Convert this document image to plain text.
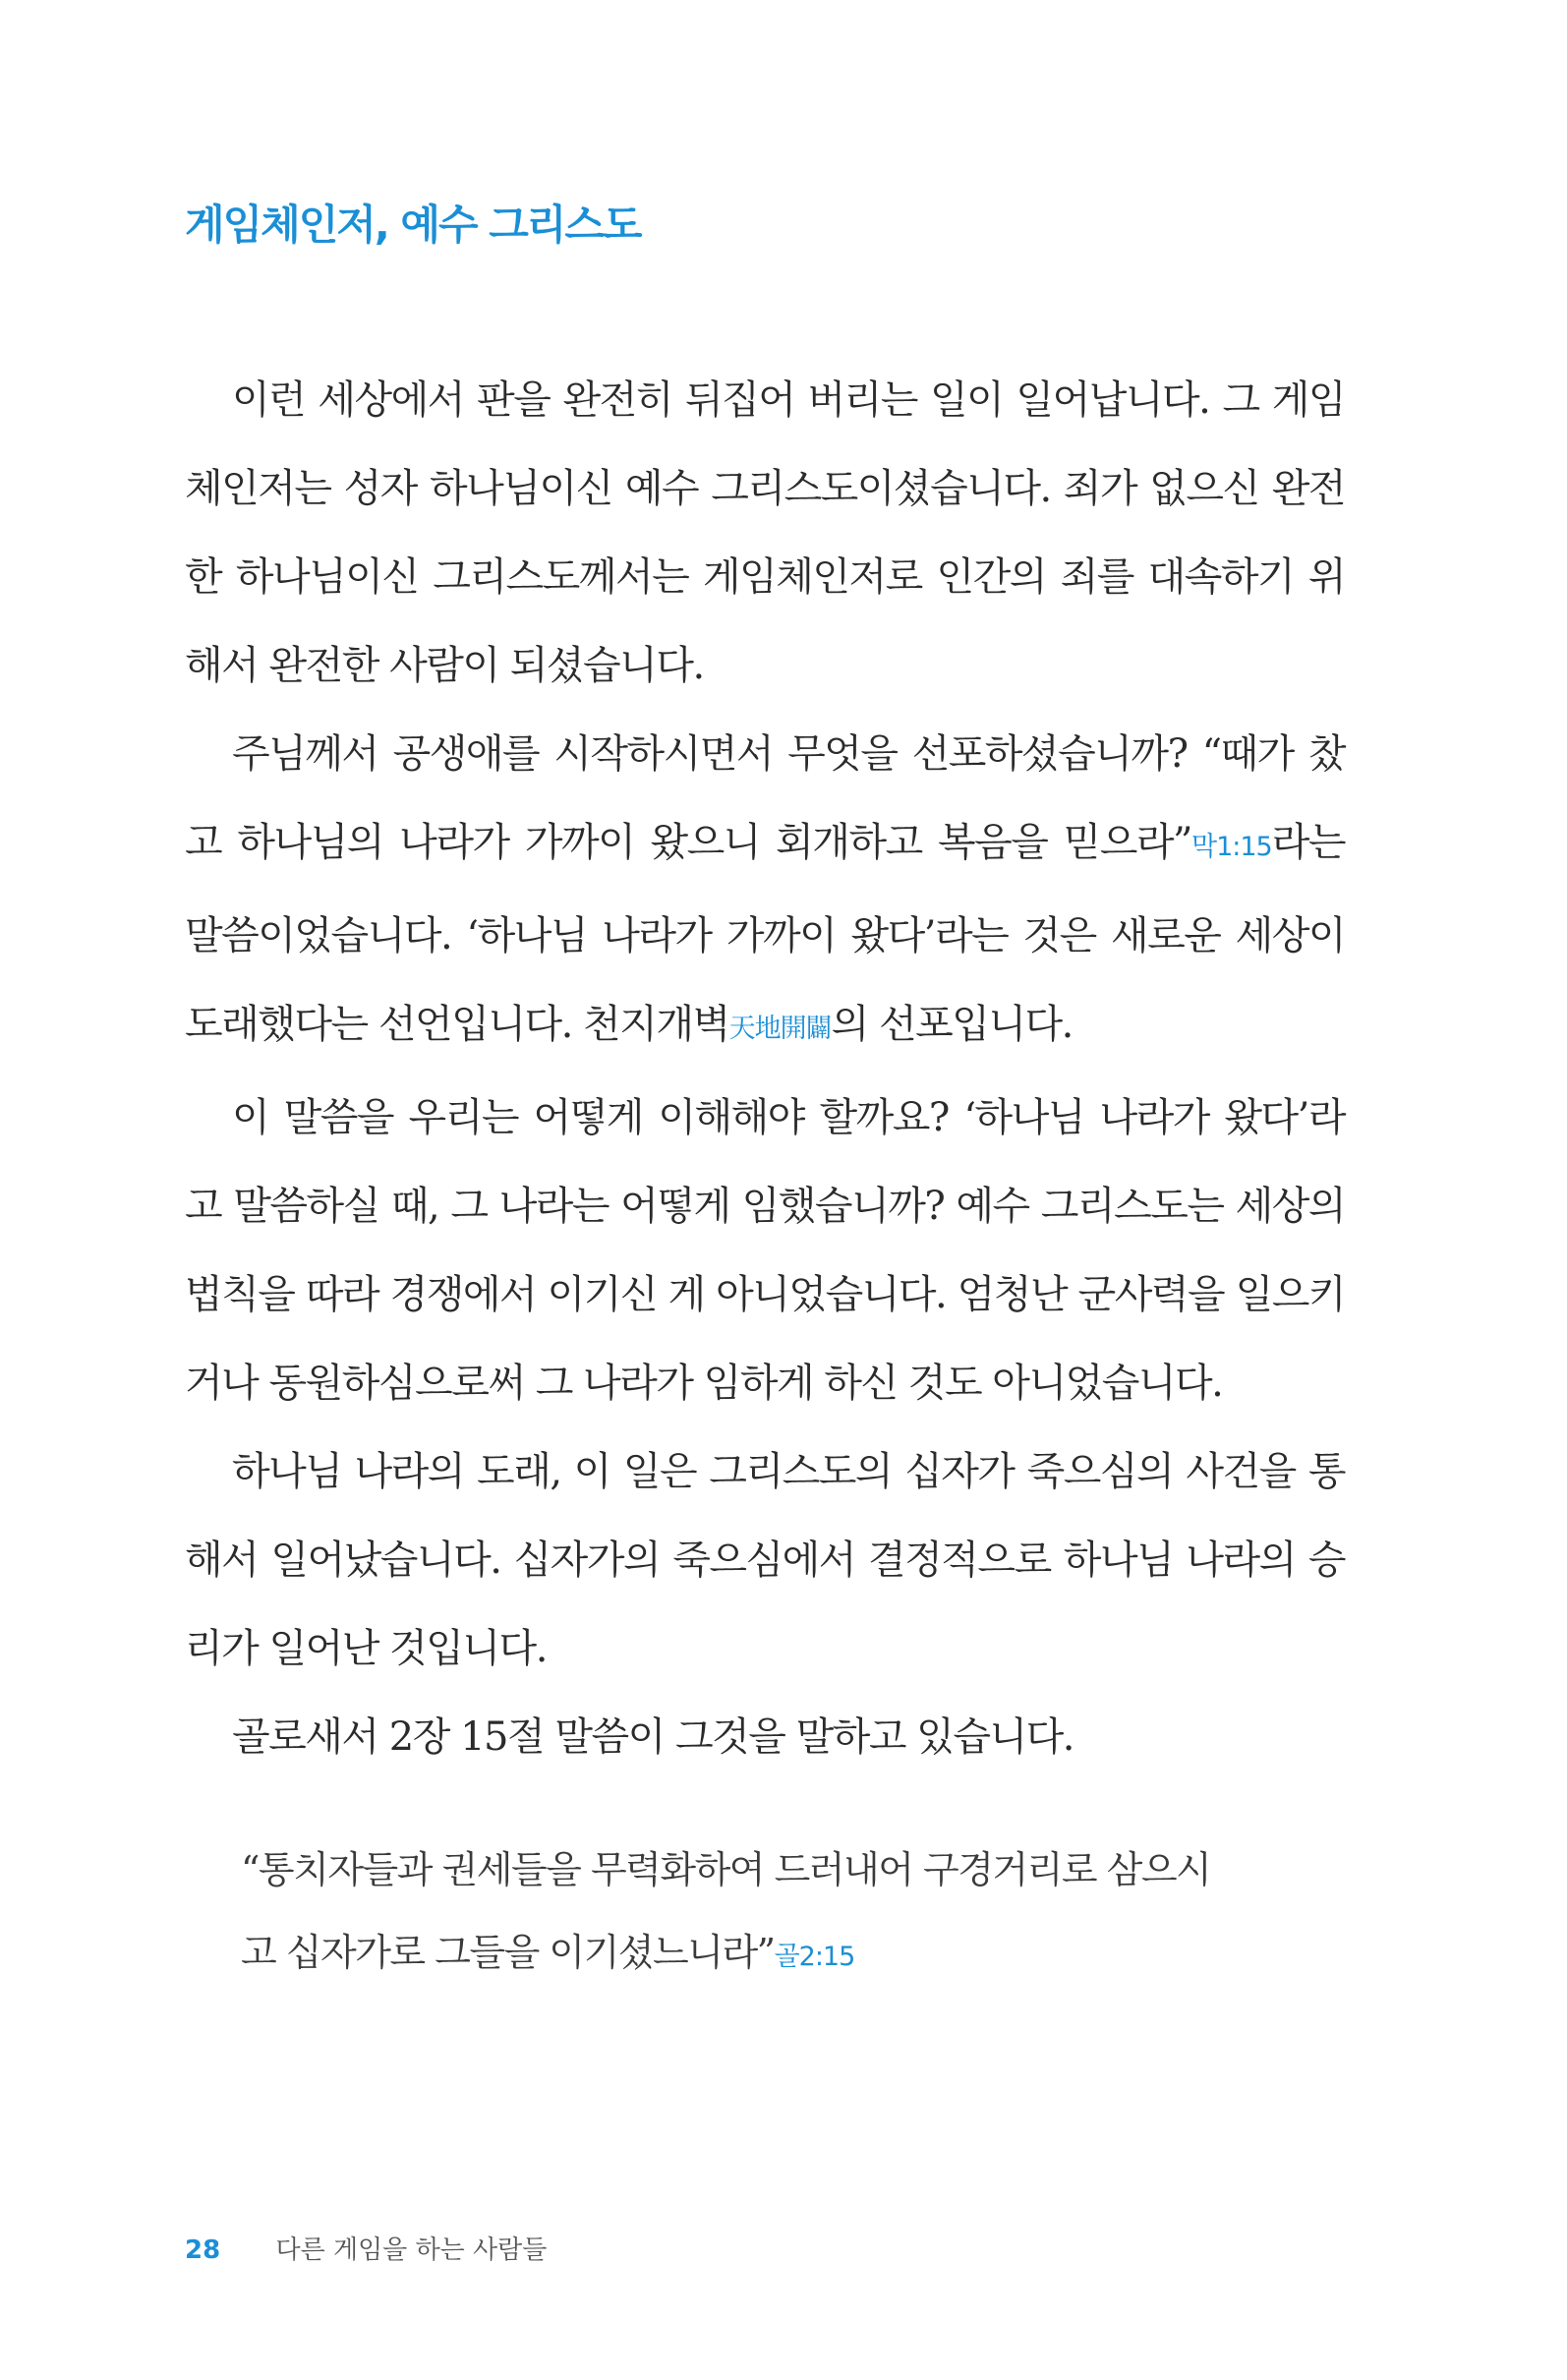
게임체인저, 예수 그리스도

이런 세상에서 판을 완전히 뒤집어 버리는 일이 일어납니다. 그 게임체인저는 성자 하나님이신 예수 그리스도이셨습니다. 죄가 없으신 완전한 하나님이신 그리스도께서는 게임체인저로 인간의 죄를 대속하기 위해서 완전한 사람이 되셨습니다.

주님께서 공생애를 시작하시면서 무엇을 선포하셨습니까? “때가 찼고 하나님의 나라가 가까이 왔으니 회개하고 복음을 믿으라”막1:15라는 말씀이었습니다. ‘하나님 나라가 가까이 왔다’라는 것은 새로운 세상이 도래했다는 선언입니다. 천지개벽天地開闢의 선포입니다.

이 말씀을 우리는 어떻게 이해해야 할까요? ‘하나님 나라가 왔다’라고 말씀하실 때, 그 나라는 어떻게 임했습니까? 예수 그리스도는 세상의 법칙을 따라 경쟁에서 이기신 게 아니었습니다. 엄청난 군사력을 일으키거나 동원하심으로써 그 나라가 임하게 하신 것도 아니었습니다.

하나님 나라의 도래, 이 일은 그리스도의 십자가 죽으심의 사건을 통해서 일어났습니다. 십자가의 죽으심에서 결정적으로 하나님 나라의 승리가 일어난 것입니다.

골로새서 2장 15절 말씀이 그것을 말하고 있습니다.

“통치자들과 권세들을 무력화하여 드러내어 구경거리로 삼으시
고 십자가로 그들을 이기셨느니라”골2:15
28 다른 게임을 하는 사람들
